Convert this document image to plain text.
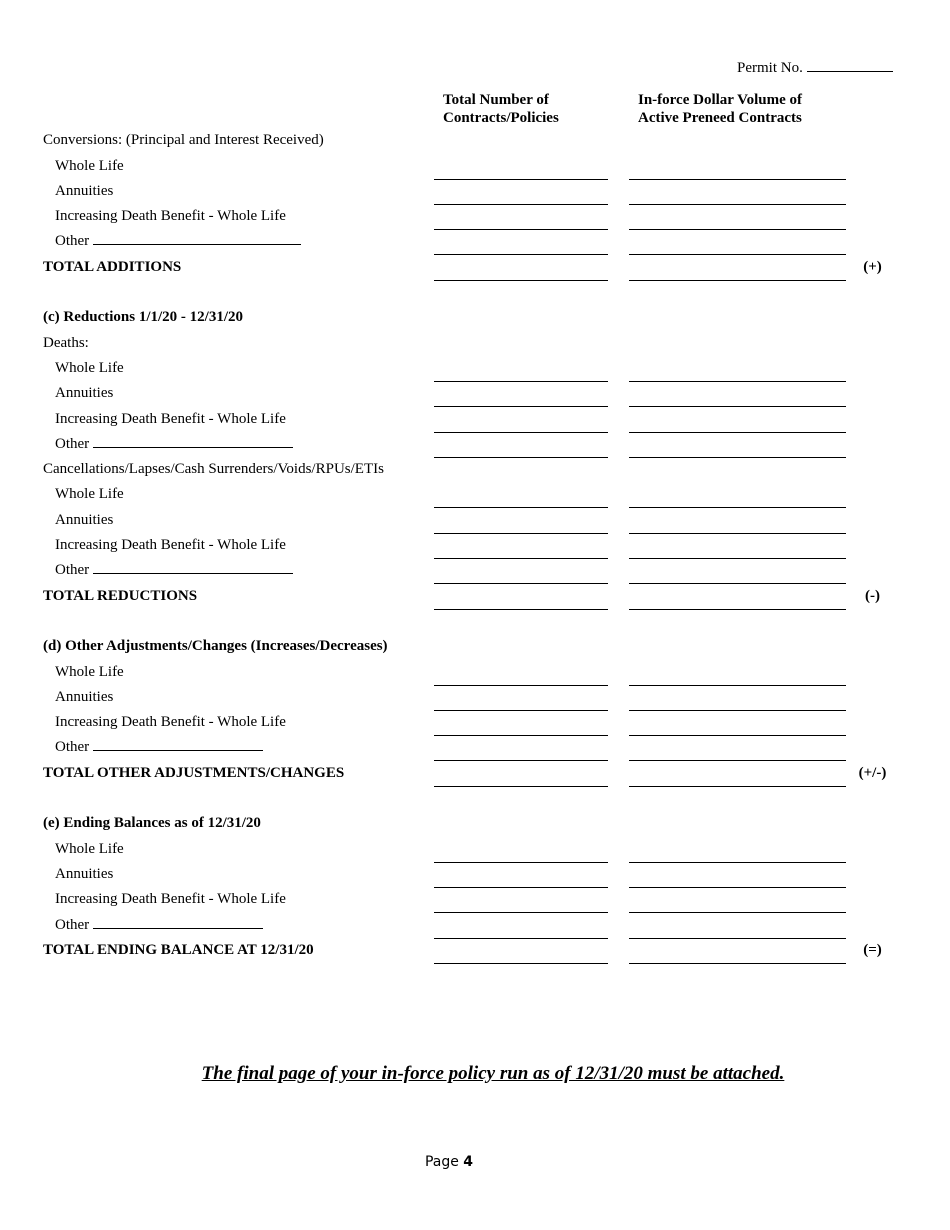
Permit No.
Total Number of
Contracts/Policies
In-force Dollar Volume of
Active Preneed Contracts
Conversions: (Principal and Interest Received)
Whole Life
Annuities
Increasing Death Benefit - Whole Life
Other
TOTAL ADDITIONS	(+)
(c) Reductions 1/1/20 - 12/31/20
Deaths:
Whole Life
Annuities
Increasing Death Benefit - Whole Life
Other
Cancellations/Lapses/Cash Surrenders/Voids/RPUs/ETIs
Whole Life
Annuities
Increasing Death Benefit - Whole Life
Other
TOTAL REDUCTIONS	(-)
(d) Other Adjustments/Changes (Increases/Decreases)
Whole Life
Annuities
Increasing Death Benefit - Whole Life
Other
TOTAL OTHER ADJUSTMENTS/CHANGES	(+/-)
(e) Ending Balances as of 12/31/20
Whole Life
Annuities
Increasing Death Benefit - Whole Life
Other
TOTAL ENDING BALANCE AT 12/31/20	(=)
The final page of your in-force policy run as of 12/31/20 must be attached.
Page 4
